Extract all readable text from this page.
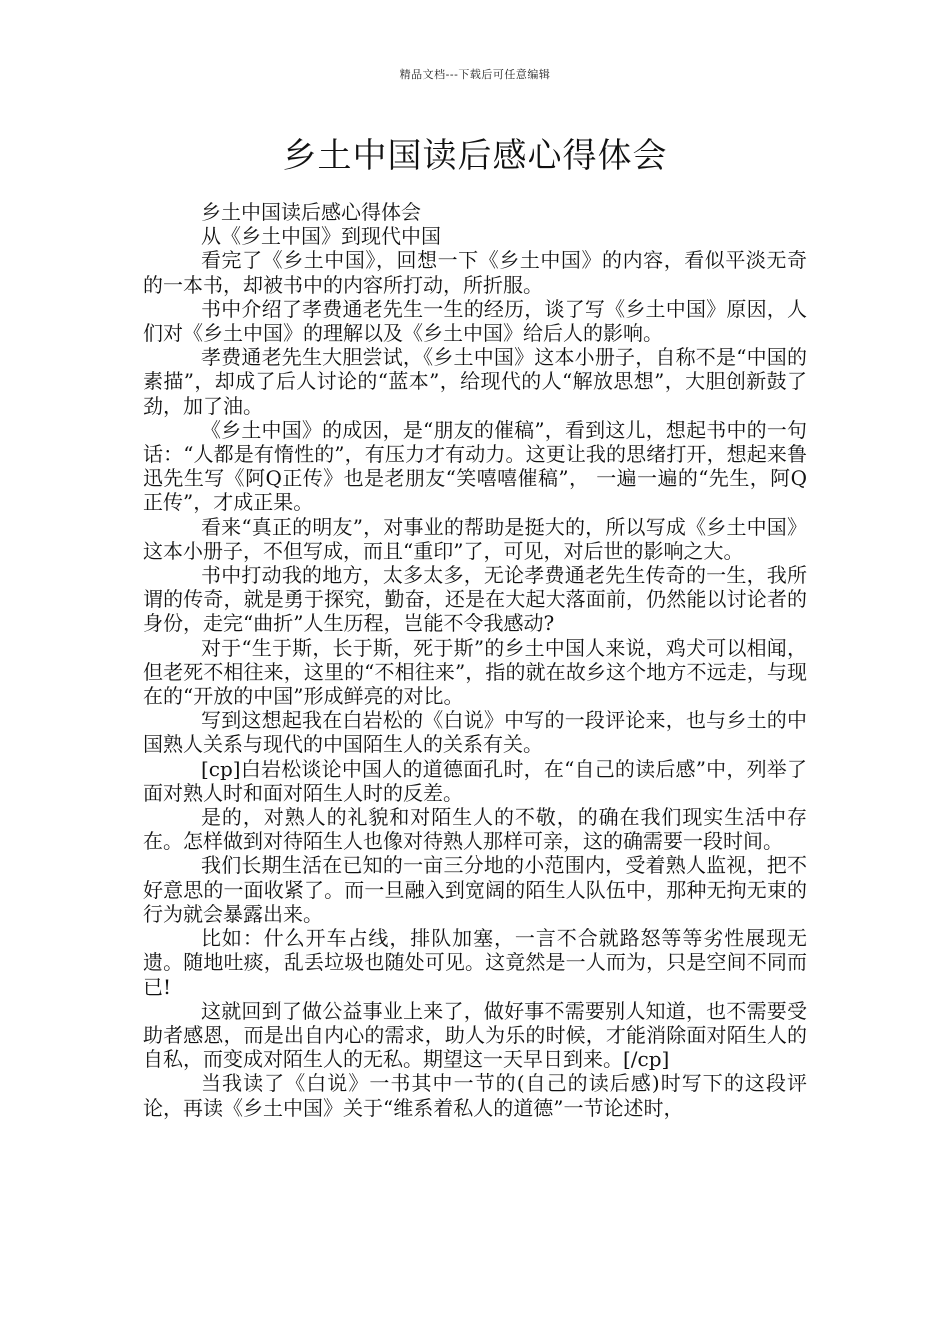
精品文档---下载后可任意编辑
乡土中国读后感心得体会

乡土中国读后感心得体会

从《乡土中国》到现代中国

看完了《乡土中国》，回想一下《乡土中国》的内容，看似平淡无奇的一本书，却被书中的内容所打动，所折服。

书中介绍了孝费通老先生一生的经历，谈了写《乡土中国》原因，人们对《乡土中国》的理解以及《乡土中国》给后人的影响。

孝费通老先生大胆尝试，《乡土中国》这本小册子，自称不是“中国的素描”，却成了后人讨论的“蓝本”，给现代的人“解放思想”，大胆创新鼓了劲，加了油。

《乡土中国》的成因，是“朋友的催稿”，看到这儿，想起书中的一句话：“人都是有惰性的”，有压力才有动力。这更让我的思绪打开，想起来鲁迅先生写《阿Q正传》也是老朋友“笑嘻嘻催稿”， 一遍一遍的“先生，阿Q正传”，才成正果。

看来“真正的明友”，对事业的帮助是挺大的，所以写成《乡土中国》这本小册子，不但写成，而且“重印”了，可见，对后世的影响之大。

书中打动我的地方，太多太多，无论孝费通老先生传奇的一生，我所谓的传奇，就是勇于探究，勤奋，还是在大起大落面前，仍然能以讨论者的身份，走完“曲折”人生历程，岂能不令我感动?

对于“生于斯，长于斯，死于斯”的乡土中国人来说，鸡犬可以相闻，但老死不相往来，这里的“不相往来”，指的就在故乡这个地方不远走，与现在的“开放的中国”形成鲜亮的对比。

写到这想起我在白岩松的《白说》中写的一段评论来，也与乡土的中国熟人关系与现代的中国陌生人的关系有关。

[cp]白岩松谈论中国人的道德面孔时，在“自己的读后感”中，列举了面对熟人时和面对陌生人时的反差。

是的，对熟人的礼貌和对陌生人的不敬，的确在我们现实生活中存在。怎样做到对待陌生人也像对待熟人那样可亲，这的确需要一段时间。

我们长期生活在已知的一亩三分地的小范围内，受着熟人监视，把不好意思的一面收紧了。而一旦融入到宽阔的陌生人队伍中，那种无拘无束的行为就会暴露出来。

比如：什么开车占线，排队加塞，一言不合就路怒等等劣性展现无遗。随地吐痰，乱丢垃圾也随处可见。这竟然是一人而为，只是空间不同而已!

这就回到了做公益事业上来了，做好事不需要别人知道，也不需要受助者感恩，而是出自内心的需求，助人为乐的时候，才能消除面对陌生人的自私，而变成对陌生人的无私。期望这一天早日到来。[/cp]

当我读了《白说》一书其中一节的(自己的读后感)时写下的这段评论，再读《乡土中国》关于“维系着私人的道德”一节论述时，
